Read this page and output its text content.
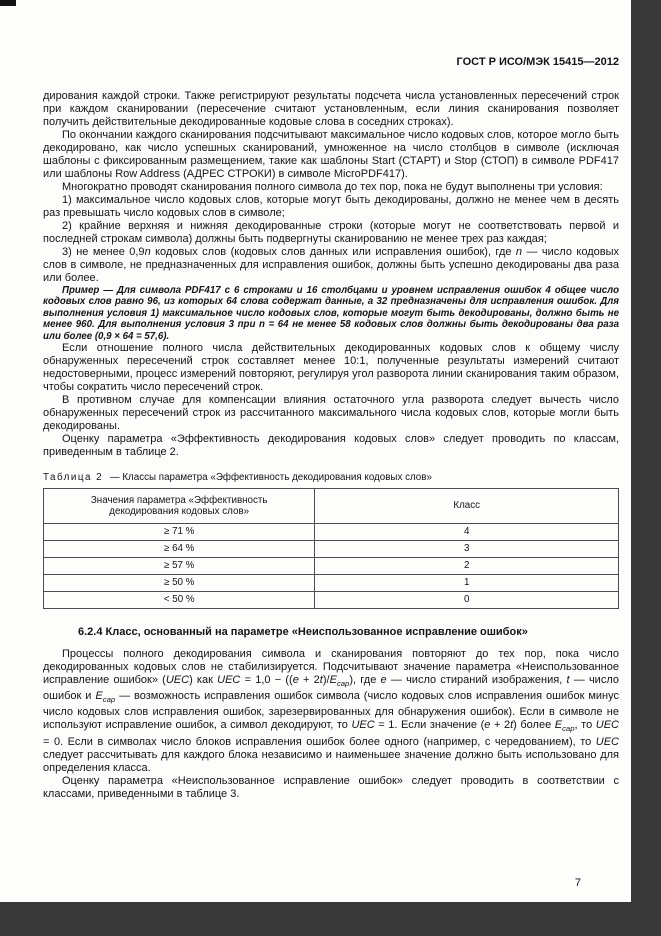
ГОСТ Р ИСО/МЭК 15415—2012

дирования каждой строки. Также регистрируют результаты подсчета числа установленных пересечений строк при каждом сканировании (пересечение считают установленным, если линия сканирования позволяет получить действительные декодированные кодовые слова в соседних строках).

По окончании каждого сканирования подсчитывают максимальное число кодовых слов, которое могло быть декодировано, как число успешных сканирований, умноженное на число столбцов в символе (исключая шаблоны с фиксированным размещением, такие как шаблоны Start (СТАРТ) и Stop (СТОП) в символе PDF417 или шаблоны Row Address (АДРЕС СТРОКИ) в символе MicroPDF417).

Многократно проводят сканирования полного символа до тех пор, пока не будут выполнены три условия:

1) максимальное число кодовых слов, которые могут быть декодированы, должно не менее чем в десять раз превышать число кодовых слов в символе;

2) крайние верхняя и нижняя декодированные строки (которые могут не соответствовать первой и последней строкам символа) должны быть подвергнуты сканированию не менее трех раз каждая;

3) не менее 0,9n кодовых слов (кодовых слов данных или исправления ошибок), где n — число кодовых слов в символе, не предназначенных для исправления ошибок, должны быть успешно декодированы два раза или более.

Пример — Для символа PDF417 с 6 строками и 16 столбцами и уровнем исправления ошибок 4 общее число кодовых слов равно 96, из которых 64 слова содержат данные, а 32 предназначены для исправления ошибок. Для выполнения условия 1) максимальное число кодовых слов, которые могут быть декодированы, должно быть не менее 960. Для выполнения условия 3 при n = 64 не менее 58 кодовых слов должны быть декодированы два раза или более (0,9 × 64 = 57,6).

Если отношение полного числа действительных декодированных кодовых слов к общему числу обнаруженных пересечений строк составляет менее 10:1, полученные результаты измерений считают недостоверными, процесс измерений повторяют, регулируя угол разворота линии сканирования таким образом, чтобы сократить число пересечений строк.

В противном случае для компенсации влияния остаточного угла разворота следует вычесть число обнаруженных пересечений строк из рассчитанного максимального числа кодовых слов, которые могли быть декодированы.

Оценку параметра «Эффективность декодирования кодовых слов» следует проводить по классам, приведенным в таблице 2.

Таблица 2 — Классы параметра «Эффективность декодирования кодовых слов»
Значения параметра «Эффективность декодирования кодовых слов»	Класс
≥ 71 %	4
≥ 64 %	3
≥ 57 %	2
≥ 50 %	1
< 50 %	0
6.2.4 Класс, основанный на параметре «Неиспользованное исправление ошибок»

Процессы полного декодирования символа и сканирования повторяют до тех пор, пока число декодированных кодовых слов не стабилизируется. Подсчитывают значение параметра «Неиспользованное исправление ошибок» (UEC) как UEC = $1,0 - ((e + 2t)/E_{cap})$, где e — число стираний изображения, t — число ошибок и $E_{cap}$ — возможность исправления ошибок символа (число кодовых слов исправления ошибок минус число кодовых слов исправления ошибок, зарезервированных для обнаружения ошибок). Если в символе не используют исправление ошибок, а символ декодируют, то UEC = 1. Если значение (e + 2t) более $E_{cap}$, то UEC = 0. Если в символах число блоков исправления ошибок более одного (например, с чередованием), то UEC следует рассчитывать для каждого блока независимо и наименьшее значение должно быть использовано для определения класса.

Оценку параметра «Неиспользованное исправление ошибок» следует проводить в соответствии с классами, приведенными в таблице 3.

7
